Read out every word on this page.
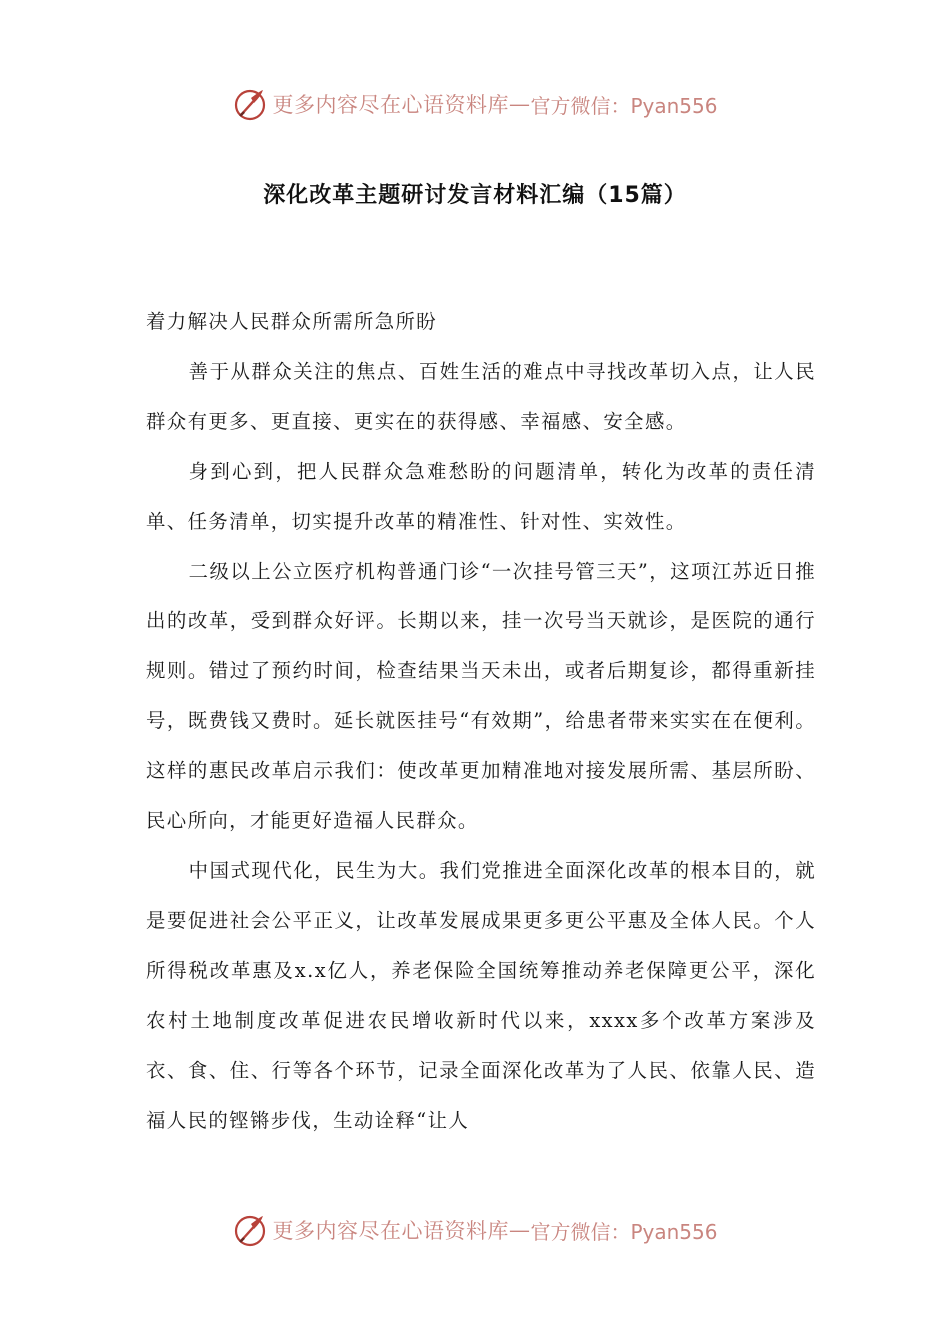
更多内容尽在心语资料库 — 官方微信：Pyan556
深化改革主题研讨发言材料汇编（15篇）

着力解决人民群众所需所急所盼

善于从群众关注的焦点、百姓生活的难点中寻找改革切入点，让人民群众有更多、更直接、更实在的获得感、幸福感、安全感。

身到心到，把人民群众急难愁盼的问题清单，转化为改革的责任清单、任务清单，切实提升改革的精准性、针对性、实效性。

二级以上公立医疗机构普通门诊“一次挂号管三天”，这项江苏近日推出的改革，受到群众好评。长期以来，挂一次号当天就诊，是医院的通行规则。错过了预约时间，检查结果当天未出，或者后期复诊，都得重新挂号，既费钱又费时。延长就医挂号“有效期”，给患者带来实实在在便利。这样的惠民改革启示我们：使改革更加精准地对接发展所需、基层所盼、民心所向，才能更好造福人民群众。

中国式现代化，民生为大。我们党推进全面深化改革的根本目的，就是要促进社会公平正义，让改革发展成果更多更公平惠及全体人民。个人所得税改革惠及x.x亿人，养老保险全国统筹推动养老保障更公平，深化农村土地制度改革促进农民增收新时代以来，xxxx多个改革方案涉及衣、食、住、行等各个环节，记录全面深化改革为了人民、依靠人民、造福人民的铿锵步伐，生动诠释“让人

更多内容尽在心语资料库 — 官方微信：Pyan556
